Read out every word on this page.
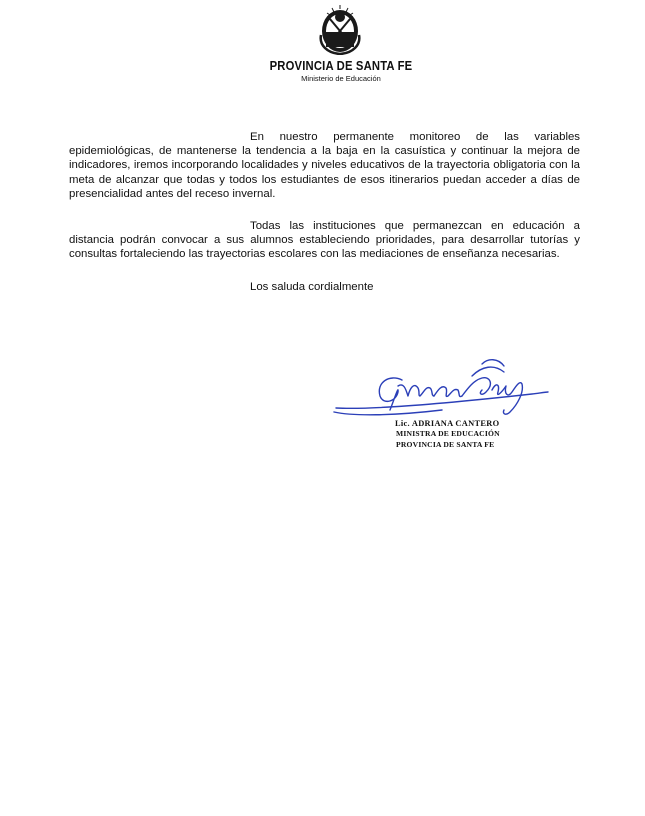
PROVINCIA DE SANTA FE
Ministerio de Educación

En nuestro permanente monitoreo de las variables epidemiológicas, de mantenerse la tendencia a la baja en la casuística y continuar la mejora de indicadores, iremos incorporando localidades y niveles educativos de la trayectoria obligatoria con la meta de alcanzar que todas y todos los estudiantes de esos itinerarios puedan acceder a días de presencialidad antes del receso invernal.

Todas las instituciones que permanezcan en educación a distancia podrán convocar a sus alumnos estableciendo prioridades, para desarrollar tutorías y consultas fortaleciendo las trayectorias escolares con las mediaciones de enseñanza necesarias.

Los saluda cordialmente

Lic. ADRIANA CANTERO
MINISTRA DE EDUCACIÓN
PROVINCIA DE SANTA FE
